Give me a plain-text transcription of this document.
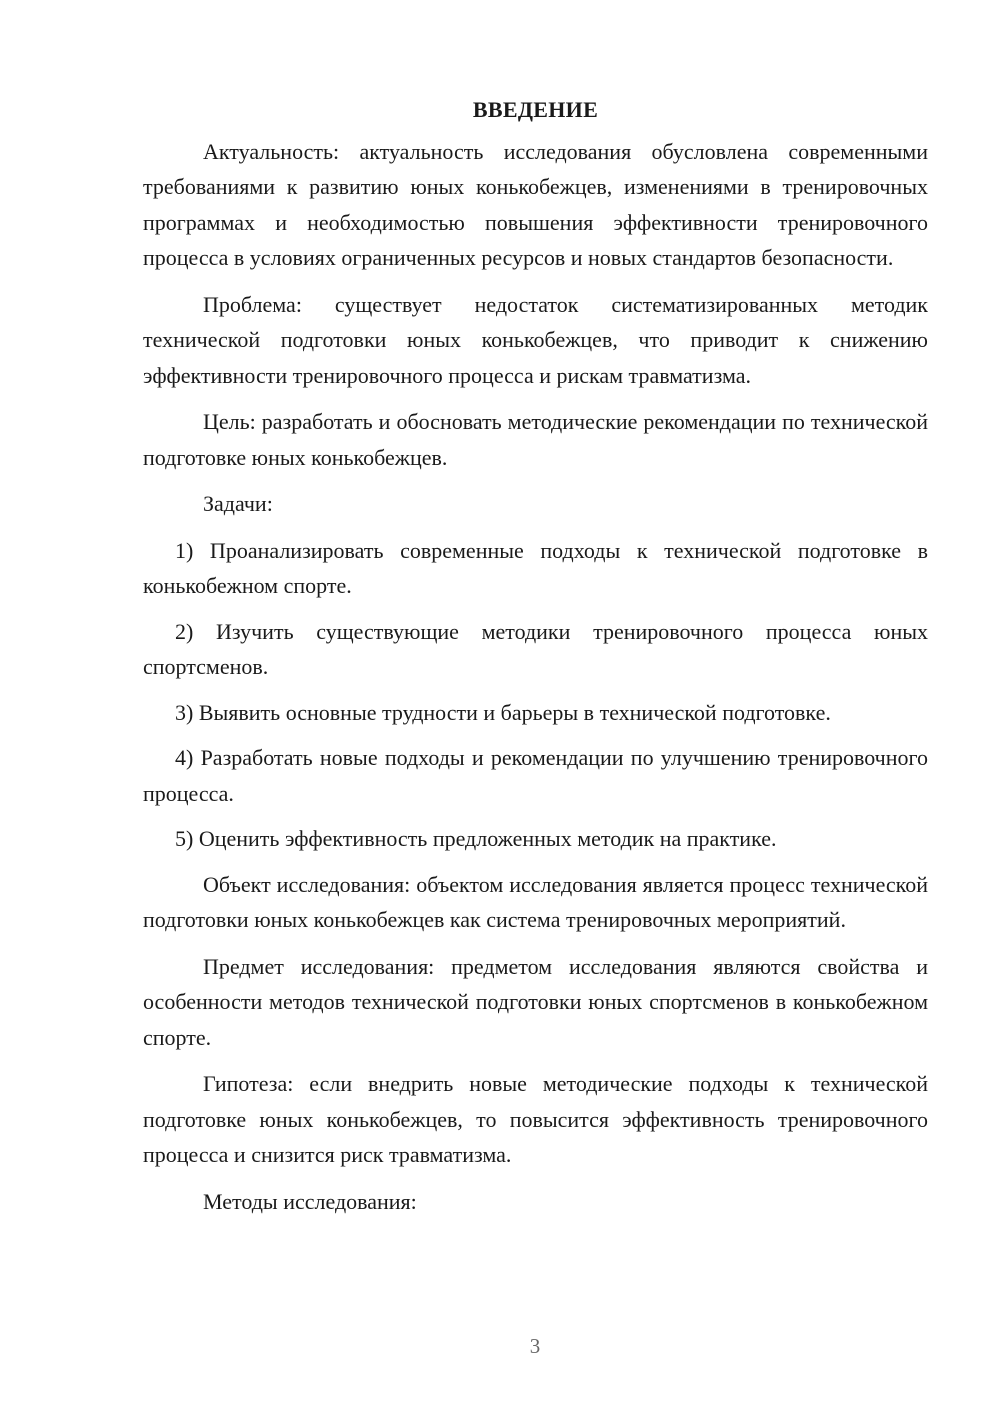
ВВЕДЕНИЕ

Актуальность: актуальность исследования обусловлена современными требованиями к развитию юных конькобежцев, изменениями в тренировочных программах и необходимостью повышения эффективности тренировочного процесса в условиях ограниченных ресурсов и новых стандартов безопасности.

Проблема: существует недостаток систематизированных методик технической подготовки юных конькобежцев, что приводит к снижению эффективности тренировочного процесса и рискам травматизма.

Цель: разработать и обосновать методические рекомендации по технической подготовке юных конькобежцев.

Задачи:

1) Проанализировать современные подходы к технической подготовке в конькобежном спорте.

2) Изучить существующие методики тренировочного процесса юных спортсменов.

3) Выявить основные трудности и барьеры в технической подготовке.

4) Разработать новые подходы и рекомендации по улучшению тренировочного процесса.

5) Оценить эффективность предложенных методик на практике.

Объект исследования: объектом исследования является процесс технической подготовки юных конькобежцев как система тренировочных мероприятий.

Предмет исследования: предметом исследования являются свойства и особенности методов технической подготовки юных спортсменов в конькобежном спорте.

Гипотеза: если внедрить новые методические подходы к технической подготовке юных конькобежцев, то повысится эффективность тренировочного процесса и снизится риск травматизма.

Методы исследования:

3
